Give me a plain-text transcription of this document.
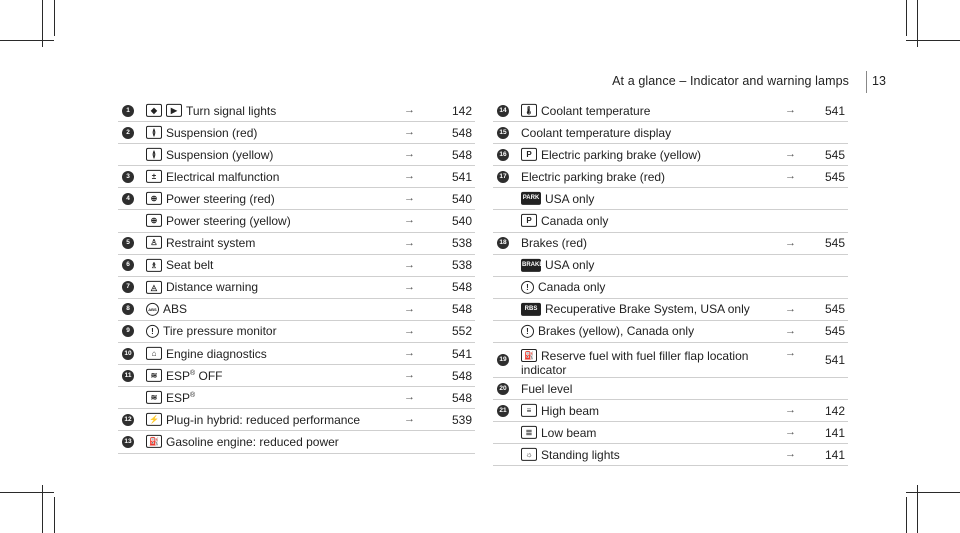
At a glance – Indicator and warning lamps 13
1	◆ ▶ Turn signal lights	→	142
2	≬ Suspension (red)	→	548
≬ Suspension (yellow)	→	548
3	± Electrical malfunction	→	541
4	⊕ Power steering (red)	→	540
⊕ Power steering (yellow)	→	540
5	♙ Restraint system	→	538
6	♗ Seat belt	→	538
7	◬ Distance warning	→	548
8	ABS ABS	→	548
9	! Tire pressure monitor	→	552
10	⌂ Engine diagnostics	→	541
11	≋ ESP® OFF	→	548
≋ ESP®	→	548
12	⚡ Plug-in hybrid: reduced performance	→	539
13	⛽ Gasoline engine: reduced power
14	🌡 Coolant temperature	→ 541
15 Coolant temperature display
16	P Electric parking brake (yellow)	→ 545
17 Electric parking brake (red)	→ 545
PARK USA only
P Canada only
18 Brakes (red)	→ 545
BRAKE USA only
! Canada only
RBS Recuperative Brake System, USA only	→ 545
! Brakes (yellow), Canada only	→ 545
19	⛽ Reserve fuel with fuel filler flap location
indicator
→ 541
20 Fuel level
21	≡ High beam	→ 142
≣ Low beam	→ 141
☼ Standing lights	→ 141
